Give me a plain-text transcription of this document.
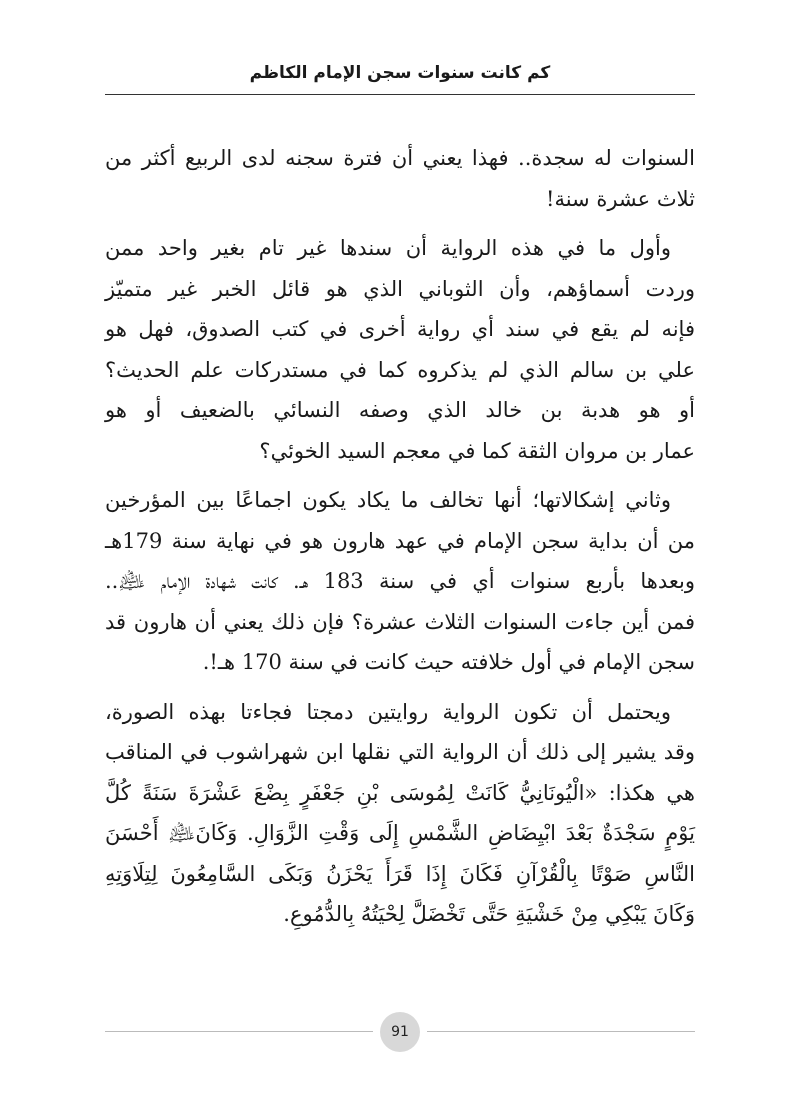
كم كانت سنوات سجن الإمام الكاظم

السنوات له سجدة.. فهذا يعني أن فترة سجنه لدى الربيع أكثر من
ثلاث عشرة سنة!

وأول ما في هذه الرواية أن سندها غير تام بغير واحد ممن
وردت أسماؤهم، وأن الثوباني الذي هو قائل الخبر غير متميّز
فإنه لم يقع في سند أي رواية أخرى في كتب الصدوق، فهل هو
علي بن سالم الذي لم يذكروه كما في مستدركات علم الحديث؟
أو هو هدبة بن خالد الذي وصفه النسائي بالضعيف أو هو
عمار بن مروان الثقة كما في معجم السيد الخوئي؟

وثاني إشكالاتها؛ أنها تخالف ما يكاد يكون اجماعًا بين المؤرخين
من أن بداية سجن الإمام في عهد هارون هو في نهاية سنة 179هـ
وبعدها بأربع سنوات أي في سنة 183 هـ. كانت شهادة الإمام ﵇..
فمن أين جاءت السنوات الثلاث عشرة؟ فإن ذلك يعني أن هارون قد
سجن الإمام في أول خلافته حيث كانت في سنة 170 هـ!.

ويحتمل أن تكون الرواية روايتين دمجتا فجاءتا بهذه الصورة،
وقد يشير إلى ذلك أن الرواية التي نقلها ابن شهراشوب في المناقب
هي هكذا: «الْيُونَانِيُّ كَانَتْ لِمُوسَى بْنِ جَعْفَرٍ بِضْعَ عَشْرَةَ سَنَةً كُلَّ
يَوْمٍ سَجْدَةٌ بَعْدَ ابْيِضَاضِ الشَّمْسِ إِلَى وَقْتِ الزَّوَالِ. وَكَانَ﵇ أَحْسَنَ
النَّاسِ صَوْتًا بِالْقُرْآنِ فَكَانَ إِذَا قَرَأَ يَحْزَنُ وَبَكَى السَّامِعُونَ لِتِلَاوَتِهِ
وَكَانَ يَبْكِي مِنْ خَشْيَةِ حَتَّى تَخْضَلَّ لِحْيَتُهُ بِالدُّمُوعِ.

91
